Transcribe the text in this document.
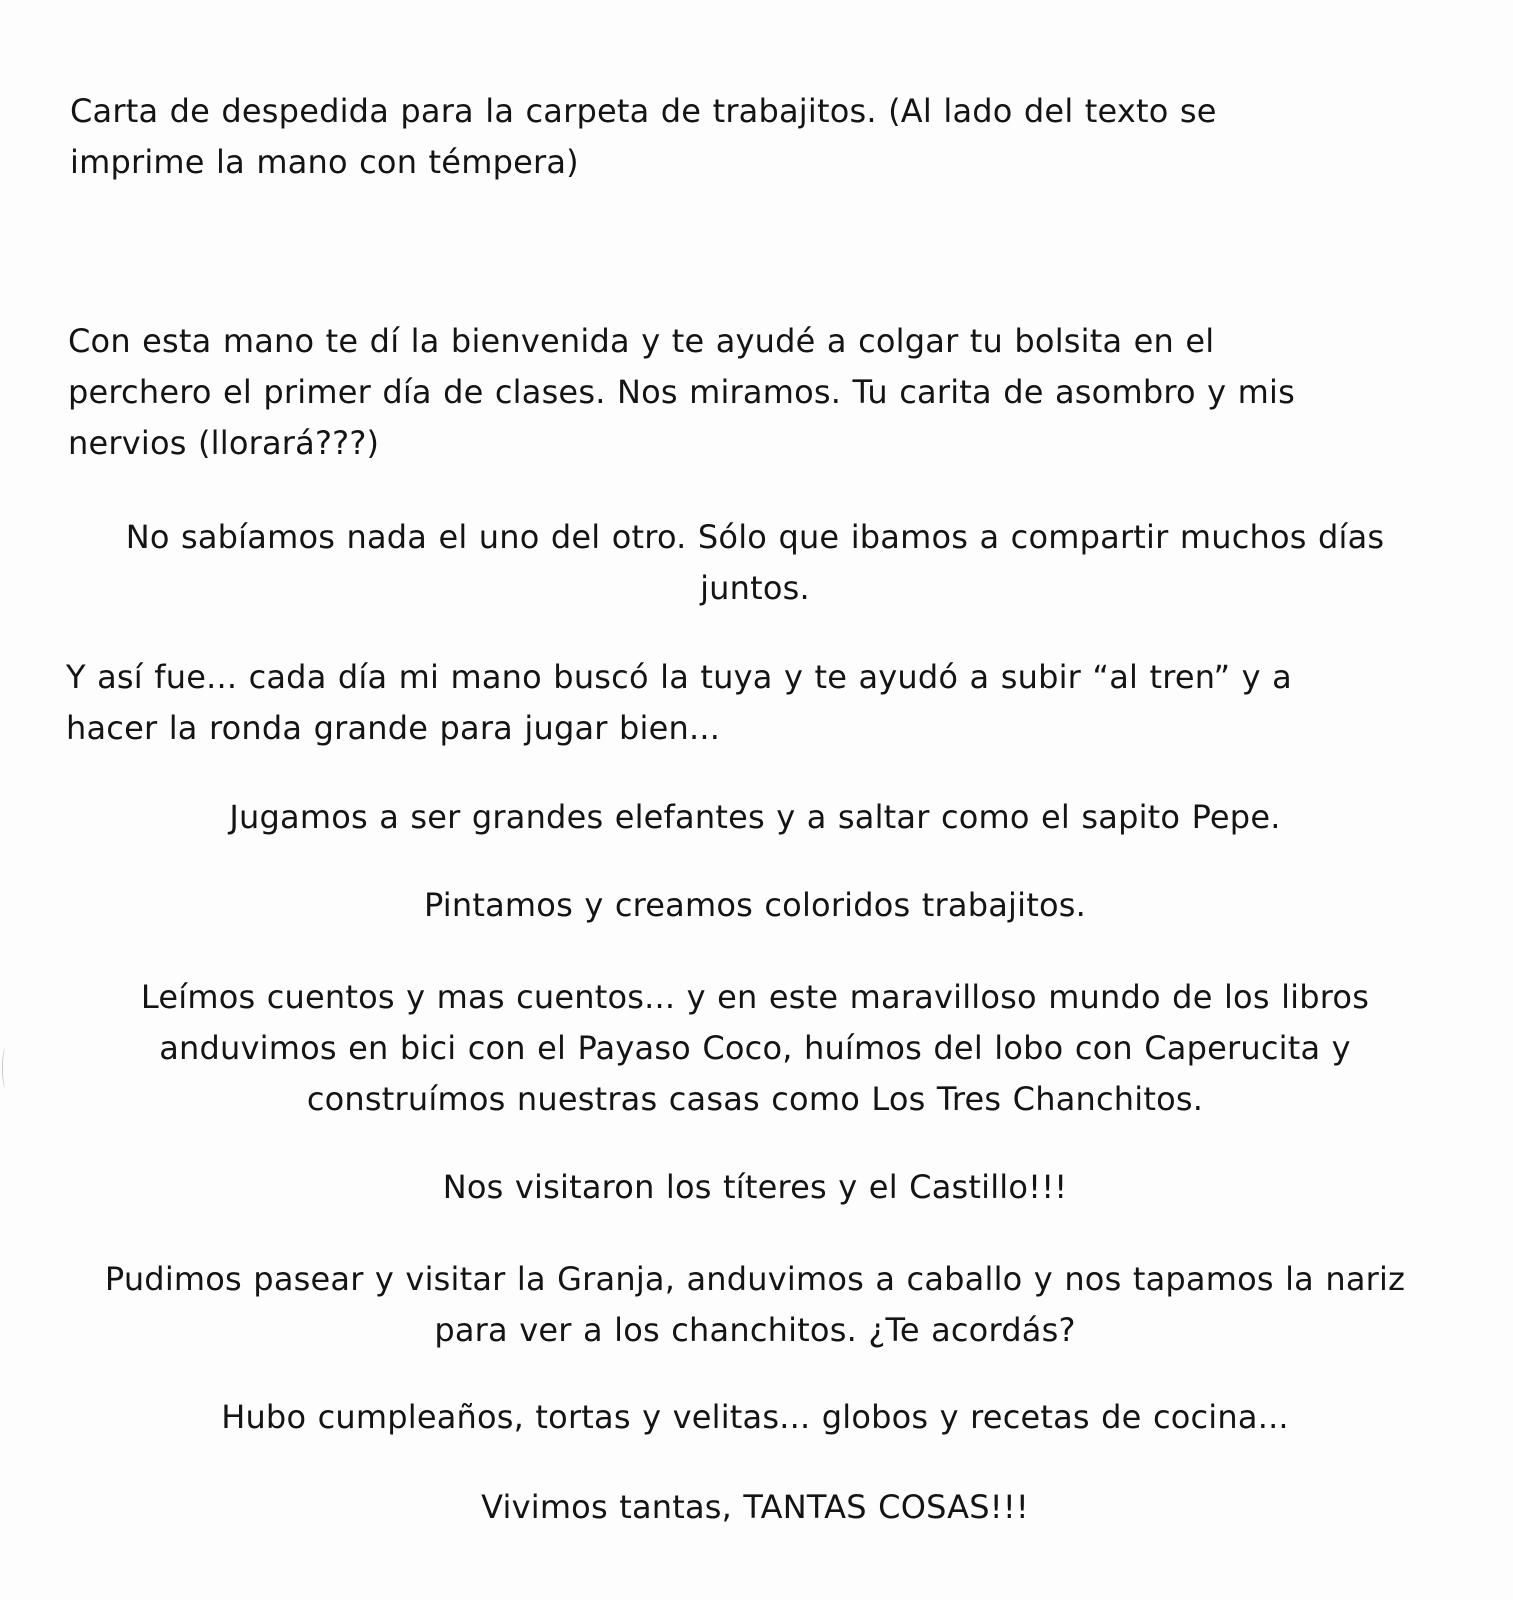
Carta de despedida para la carpeta de trabajitos. (Al lado del texto se
imprime la mano con témpera)

Con esta mano te dí la bienvenida y te ayudé a colgar tu bolsita en el
perchero el primer día de clases. Nos miramos. Tu carita de asombro y mis
nervios (llorará???)

No sabíamos nada el uno del otro. Sólo que ibamos a compartir muchos días
juntos.

Y así fue... cada día mi mano buscó la tuya y te ayudó a subir “al tren” y a
hacer la ronda grande para jugar bien...

Jugamos a ser grandes elefantes y a saltar como el sapito Pepe.

Pintamos y creamos coloridos trabajitos.

Leímos cuentos y mas cuentos... y en este maravilloso mundo de los libros
anduvimos en bici con el Payaso Coco, huímos del lobo con Caperucita y
construímos nuestras casas como Los Tres Chanchitos.

Nos visitaron los títeres y el Castillo!!!

Pudimos pasear y visitar la Granja, anduvimos a caballo y nos tapamos la nariz
para ver a los chanchitos. ¿Te acordás?

Hubo cumpleaños, tortas y velitas... globos y recetas de cocina...

Vivimos tantas, TANTAS COSAS!!!
